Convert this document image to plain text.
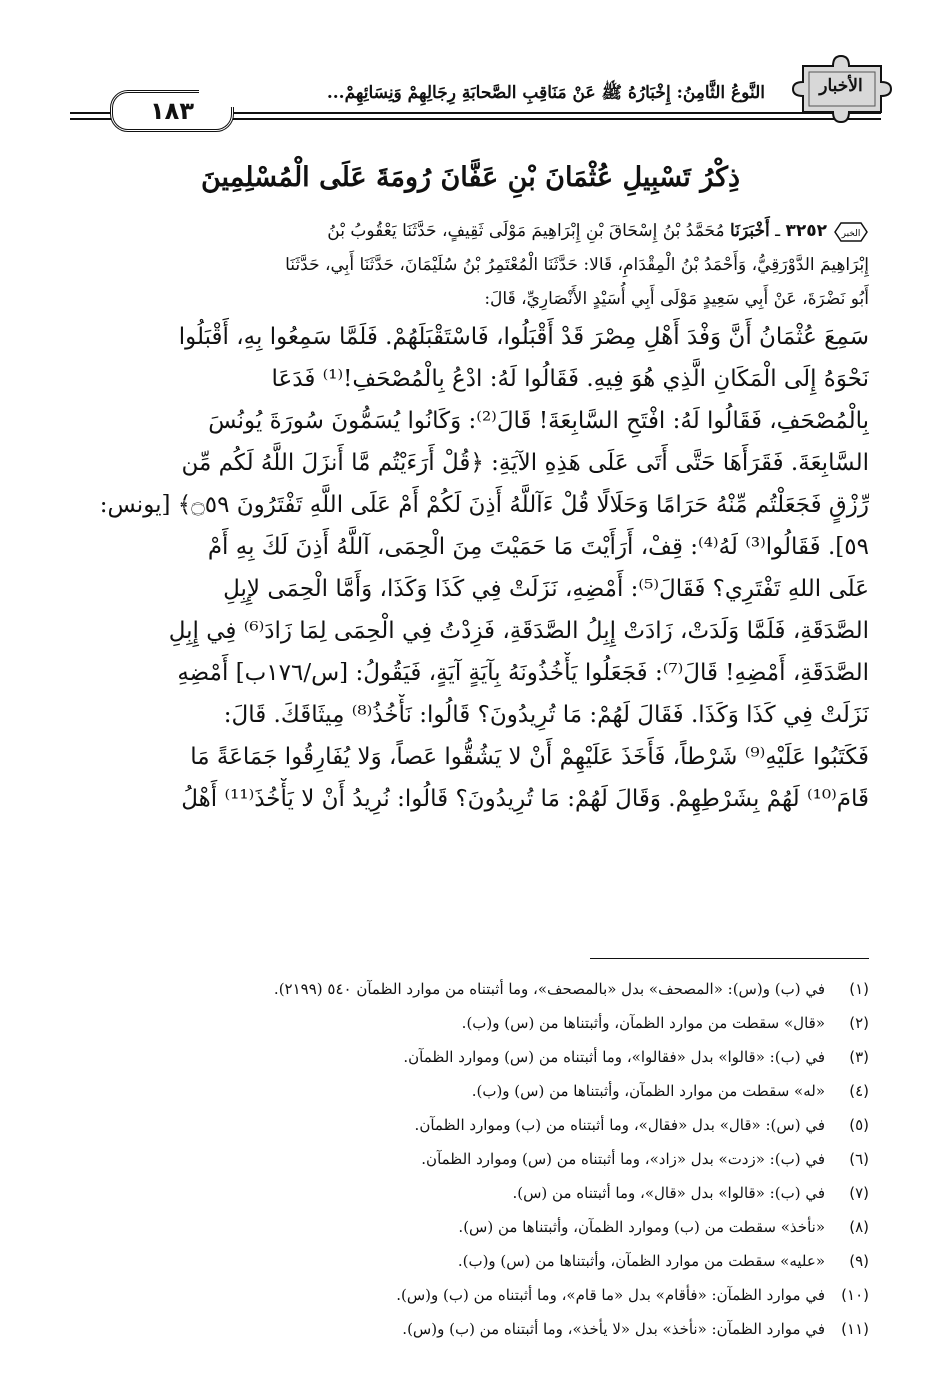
١٨٣
النَّوعُ الثَّامِنُ: إِخْبَارُهُ ﷺ عَنْ مَنَاقِبِ الصَّحابَةِ رِجَالِهِمْ وَنِسَائِهِمْ...	الأخبار
ذِكْرُ تَسْبِيلِ عُثْمَانَ بْنِ عَفَّانَ رُومَةَ عَلَى الْمُسْلِمِينَ
الخبر
٣٢٥٢ ـ أَخْبَرَنَا مُحَمَّدُ بْنُ إِسْحَاقَ بْنِ إِبْرَاهِيمَ مَوْلَى ثَقِيفٍ، حَدَّثَنَا يَعْقُوبُ بْنُ
إِبْرَاهِيمَ الدَّوْرَقِيُّ، وَأَحْمَدُ بْنُ الْمِقْدَامِ، قَالا: حَدَّثَنَا الْمُعْتَمِرُ بْنُ سُلَيْمَانَ، حَدَّثَنَا أَبِي، حَدَّثَنَا
أَبُو نَضْرَةَ، عَنْ أَبِي سَعِيدٍ مَوْلَى أَبِي أُسَيْدٍ الأَنْصَارِيِّ، قَالَ:
سَمِعَ عُثْمَانُ أَنَّ وَفْدَ أَهْلِ مِصْرَ قَدْ أَقْبَلُوا، فَاسْتَقْبَلَهُمْ. فَلَمَّا سَمِعُوا بِهِ، أَقْبَلُوا
نَحْوَهُ إِلَى الْمَكَانِ الَّذِي هُوَ فِيهِ. فَقَالُوا لَهُ: ادْعُ بِالْمُصْحَفِ!⁽¹⁾ فَدَعَا
بِالْمُصْحَفِ، فَقَالُوا لَهُ: افْتَحِ السَّابِعَةَ! قَالَ⁽²⁾: وَكَانُوا يُسَمُّونَ سُورَةَ يُونُسَ
السَّابِعَةَ. فَقَرَأَهَا حَتَّى أَتَى عَلَى هَذِهِ الآيَةِ: ﴿قُلْ أَرَءَيْتُم مَّا أَنزَلَ اللَّهُ لَكُم مِّن
رِّزْقٍ فَجَعَلْتُم مِّنْهُ حَرَامًا وَحَلَالًا قُلْ ءَآللَّهُ أَذِنَ لَكُمْ أَمْ عَلَى اللَّهِ تَفْتَرُونَ ۝٥٩﴾ [يونس:
٥٩]. فَقَالُوا⁽³⁾ لَهُ⁽⁴⁾: قِفْ، أَرَأَيْتَ مَا حَمَيْتَ مِنَ الْحِمَى، آللَّهُ أَذِنَ لَكَ بِهِ أَمْ
عَلَى اللهِ تَفْتَرِي؟ فَقَالَ⁽⁵⁾: أَمْضِهِ، نَزَلَتْ فِي كَذَا وَكَذَا، وَأَمَّا الْحِمَى لإِبِلِ
الصَّدَقَةِ، فَلَمَّا وَلَدَتْ، زَادَتْ إِبِلُ الصَّدَقَةِ، فَزِدْتُ فِي الْحِمَى لِمَا زَادَ⁽⁶⁾ فِي إِبِلِ
الصَّدَقَةِ، أَمْضِهِ! قَالَ⁽⁷⁾: فَجَعَلُوا يَأْخُذُونَهُ بِآيَةٍ آيَةٍ، فَيَقُولُ: [س/١٧٦ب] أَمْضِهِ
نَزَلَتْ فِي كَذَا وَكَذَا. فَقَالَ لَهُمْ: مَا تُرِيدُونَ؟ قَالُوا: نَأْخُذُ⁽⁸⁾ مِيثَاقَكَ. قَالَ:
فَكَتَبُوا عَلَيْهِ⁽⁹⁾ شَرْطاً، فَأَخَذَ عَلَيْهِمْ أَنْ لا يَشُقُّوا عَصاً، وَلا يُفَارِقُوا جَمَاعَةً مَا
قَامَ⁽¹⁰⁾ لَهُمْ بِشَرْطِهِمْ. وَقَالَ لَهُمْ: مَا تُرِيدُونَ؟ قَالُوا: نُرِيدُ أَنْ لا يَأْخُذَ⁽¹¹⁾ أَهْلُ
(١)في (ب) و(س): «المصحف» بدل «بالمصحف»، وما أثبتناه من موارد الظمآن ٥٤٠ (٢١٩٩).
(٢)«قال» سقطت من موارد الظمآن، وأثبتناها من (س) و(ب).
(٣)في (ب): «قالوا» بدل «فقالوا»، وما أثبتناه من (س) وموارد الظمآن.
(٤)«له» سقطت من موارد الظمآن، وأثبتناها من (س) و(ب).
(٥)في (س): «قال» بدل «فقال»، وما أثبتناه من (ب) وموارد الظمآن.
(٦)في (ب): «زدت» بدل «زاد»، وما أثبتناه من (س) وموارد الظمآن.
(٧)في (ب): «قالوا» بدل «قال»، وما أثبتناه من (س).
(٨)«نأخذ» سقطت من (ب) وموارد الظمآن، وأثبتناها من (س).
(٩)«عليه» سقطت من موارد الظمآن، وأثبتناها من (س) و(ب).
(١٠)في موارد الظمآن: «فأقام» بدل «ما قام»، وما أثبتناه من (ب) و(س).
(١١)في موارد الظمآن: «نأخذ» بدل «لا يأخذ»، وما أثبتناه من (ب) و(س).
